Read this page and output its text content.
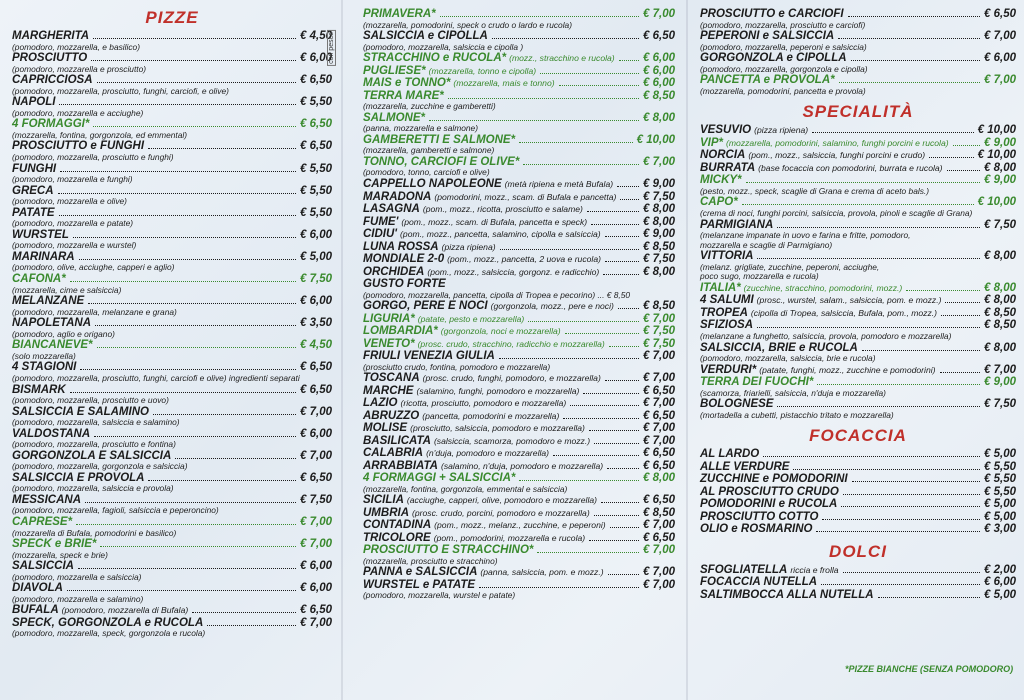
PIZZE
MARGHERITA	€ 4,50
(pomodoro, mozzarella, e basilico)
PROSCIUTTO	€ 6,00
(pomodoro, mozzarella e prosciutto)
CAPRICCIOSA	€ 6,50
(pomodoro, mozzarella, prosciutto, funghi, carciofi, e olive)
NAPOLI	€ 5,50
(pomodoro, mozzarella e acciughe)
4 FORMAGGI*	€ 6,50
(mozzarella, fontina, gorgonzola, ed emmental)
PROSCIUTTO e FUNGHI	€ 6,50
(pomodoro, mozzarella, prosciutto e funghi)
FUNGHI	€ 5,50
(pomodoro, mozzarella e funghi)
GRECA	€ 5,50
(pomodoro, mozzarella e olive)
PATATE	€ 5,50
(pomodoro, mozzarella e patate)
WURSTEL	€ 6,00
(pomodoro, mozzarella e wurstel)
MARINARA	€ 5,00
(pomodoro, olive, acciughe, capperi e aglio)
CAFONA*	€ 7,50
(mozzarella, cime e salsiccia)
MELANZANE	€ 6,00
(pomodoro, mozzarella, melanzane e grana)
NAPOLETANA	€ 3,50
(pomodoro, aglio e origano)
BIANCANEVE*	€ 4,50
(solo mozzarella)
4 STAGIONI	€ 6,50
(pomodoro, mozzarella, prosciutto, funghi, carciofi e olive) ingredienti separati
BISMARK	€ 6,50
(pomodoro, mozzarella, prosciutto e uovo)
SALSICCIA E SALAMINO	€ 7,00
(pomodoro, mozzarella, salsiccia e salamino)
VALDOSTANA	€ 6,00
(pomodoro, mozzarella, prosciutto e fontina)
GORGONZOLA E SALSICCIA	€ 7,00
(pomodoro, mozzarella, gorgonzola e salsiccia)
SALSICCIA E PROVOLA	€ 6,50
(pomodoro, mozzarella, salsiccia e provola)
MESSICANA	€ 7,50
(pomodoro, mozzarella, fagioli, salsiccia e peperoncino)
CAPRESE*	€ 7,00
(mozzarella di Bufala, pomodorini e basilico)
SPECK e BRIE*	€ 7,00
(mozzarella, speck e brie)
SALSICCIA	€ 6,00
(pomodoro, mozzarella e salsiccia)
DIAVOLA	€ 6,00
(pomodoro, mozzarella e salamino)
BUFALA (pomodoro, mozzarella di Bufala)	€ 6,50
SPECK, GORGONZOLA e RUCOLA	€ 7,00
(pomodoro, mozzarella, speck, gorgonzola e rucola)
con pesce
PRIMAVERA*	€ 7,00
(mozzarella, pomodorini, speck o crudo o lardo e rucola)
SALSICCIA e CIPOLLA	€ 6,50
(pomodoro, mozzarella, salsiccia e cipolla )
STRACCHINO e RUCOLA* (mozz., stracchino e rucola) € 6,00
PUGLIESE* (mozzarella, tonno e cipolla)	€ 6,00
MAIS e TONNO* (mozzarella, mais e tonno)	€ 6,00
TERRA MARE*	€ 8,50
(mozzarella, zucchine e gamberetti)
SALMONE*	€ 8,00
(panna, mozzarella e salmone)
GAMBERETTI E SALMONE*	€ 10,00
(mozzarella, gamberetti e salmone)
TONNO, CARCIOFI E OLIVE*	€ 7,00
(pomodoro, tonno, carciofi e olive)
CAPPELLO NAPOLEONE (metà ripiena e metà Bufala)	€ 9,00
MARADONA (pomodorini, mozz., scam. di Bufala e pancetta) € 7,50
LASAGNA (pom., mozz., ricotta, prosciutto e salame)	€ 8,00
FUME' (pom., mozz., scam. di Bufala, pancetta e speck)	€ 8,00
CIDIU' (pom., mozz., pancetta, salamino, cipolla e salsiccia)	€ 9,00
LUNA ROSSA (pizza ripiena)	€ 8,50
MONDIALE 2-0 (pom., mozz., pancetta, 2 uova e rucola)	€ 7,50
ORCHIDEA (pom., mozz., salsiccia, gorgonz. e radicchio)	€ 8,00
GUSTO FORTE
(pomodoro, mozzarella, pancetta, cipolla di Tropea e pecorino) ... € 8,50
GORGO, PERE E NOCI (gorgonzola, mozz., pere e noci)	€ 8,50
LIGURIA* (patate, pesto e mozzarella)	€ 7,00
LOMBARDIA* (gorgonzola, noci e mozzarella)	€ 7,50
VENETO* (prosc. crudo, stracchino, radicchio e mozzarella)	€ 7,50
FRIULI VENEZIA GIULIA	€ 7,00
(prosciutto crudo, fontina, pomodoro e mozzarella)
TOSCANA (prosc. crudo, funghi, pomodoro, e mozzarella)	€ 7,00
MARCHE (salamino, funghi, pomodoro e mozzarella)	€ 6,50
LAZIO (ricotta, prosciutto, pomodoro e mozzarella)	€ 7,00
ABRUZZO (pancetta, pomodorini e mozzarella)	€ 6,50
MOLISE (prosciutto, salsiccia, pomodoro e mozzarella)	€ 7,00
BASILICATA (salsiccia, scamorza, pomodoro e mozz.)	€ 7,00
CALABRIA (n'duja, pomodoro e mozzarella)	€ 6,50
ARRABBIATA (salamino, n'duja, pomodoro e mozzarella)	€ 6,50
4 FORMAGGI + SALSICCIA*	€ 8,00
(mozzarella, fontina, gorgonzola, emmental e salsiccia)
SICILIA (acciughe, capperi, olive, pomodoro e mozzarella)	€ 6,50
UMBRIA (prosc. crudo, porcini, pomodoro e mozzarella)	€ 8,50
CONTADINA (pom., mozz., melanz., zucchine, e peperoni)	€ 7,00
TRICOLORE (pom., pomodorini, mozzarella e rucola)	€ 6,50
PROSCIUTTO E STRACCHINO*	€ 7,00
(mozzarella, prosciutto e stracchino)
PANNA e SALSICCIA (panna, salsiccia, pom. e mozz.)	€ 7,00
WURSTEL e PATATE	€ 7,00
(pomodoro, mozzarella, wurstel e patate)
PROSCIUTTO e CARCIOFI	€ 6,50
(pomodoro, mozzarella, prosciutto e carciofi)
PEPERONI e SALSICCIA	€ 7,00
(pomodoro, mozzarella, peperoni e salsiccia)
GORGONZOLA e CIPOLLA	€ 6,00
(pomodoro, mozzarella, gorgonzola e cipolla)
PANCETTA e PROVOLA*	€ 7,00
(mozzarella, pomodorini, pancetta e provola)
SPECIALITÀ
VESUVIO (pizza ripiena)	€ 10,00
VIP* (mozzarella, pomodorini, salamino, funghi porcini e rucola)	€ 9,00
NORCIA (pom., mozz., salsiccia, funghi porcini e crudo)	€ 10,00
BURRATA (base focaccia con pomodorini, burrata e rucola)	€ 8,00
MICKY*	€ 9,00
(pesto, mozz., speck, scaglie di Grana e crema di aceto bals.)
CAPO*	€ 10,00
(crema di noci, funghi porcini, salsiccia, provola, pinoli e scaglie di Grana)
PARMIGIANA	€ 7,50
(melanzane impanate in uovo e farina e fritte, pomodoro,
mozzarella e scaglie di Parmigiano)
VITTORIA	€ 8,00
(melanz. grigliate, zucchine, peperoni, acciughe,
poco sugo, mozzarella e rucola)
ITALIA* (zucchine, stracchino, pomodorini, mozz.)	€ 8,00
4 SALUMI (prosc., wurstel, salam., salsiccia, pom. e mozz.)	€ 8,00
TROPEA (cipolla di Tropea, salsiccia, Bufala, pom., mozz.)	€ 8,50
SFIZIOSA	€ 8,50
(melanzane a funghetto, salsiccia, provola, pomodoro e mozzarella)
SALSICCIA, BRIE e RUCOLA	€ 8,00
(pomodoro, mozzarella, salsiccia, brie e rucola)
VERDURI* (patate, funghi, mozz., zucchine e pomodorini)	€ 7,00
TERRA DEI FUOCHI*	€ 9,00
(scamorza, friarielli, salsiccia, n'duja e mozzarella)
BOLOGNESE	€ 7,50
(mortadella a cubetti, pistacchio tritato e mozzarella)
FOCACCIA
AL LARDO	€ 5,00
ALLE VERDURE	€ 5,50
ZUCCHINE e POMODORINI	€ 5,50
AL PROSCIUTTO CRUDO	€ 5,50
POMODORINI e RUCOLA	€ 5,00
PROSCIUTTO COTTO	€ 5,00
OLIO e ROSMARINO	€ 3,00
DOLCI
SFOGLIATELLA riccia e frolla	€ 2,00
FOCACCIA NUTELLA	€ 6,00
SALTIMBOCCA ALLA NUTELLA	€ 5,00
*PIZZE BIANCHE (SENZA POMODORO)
